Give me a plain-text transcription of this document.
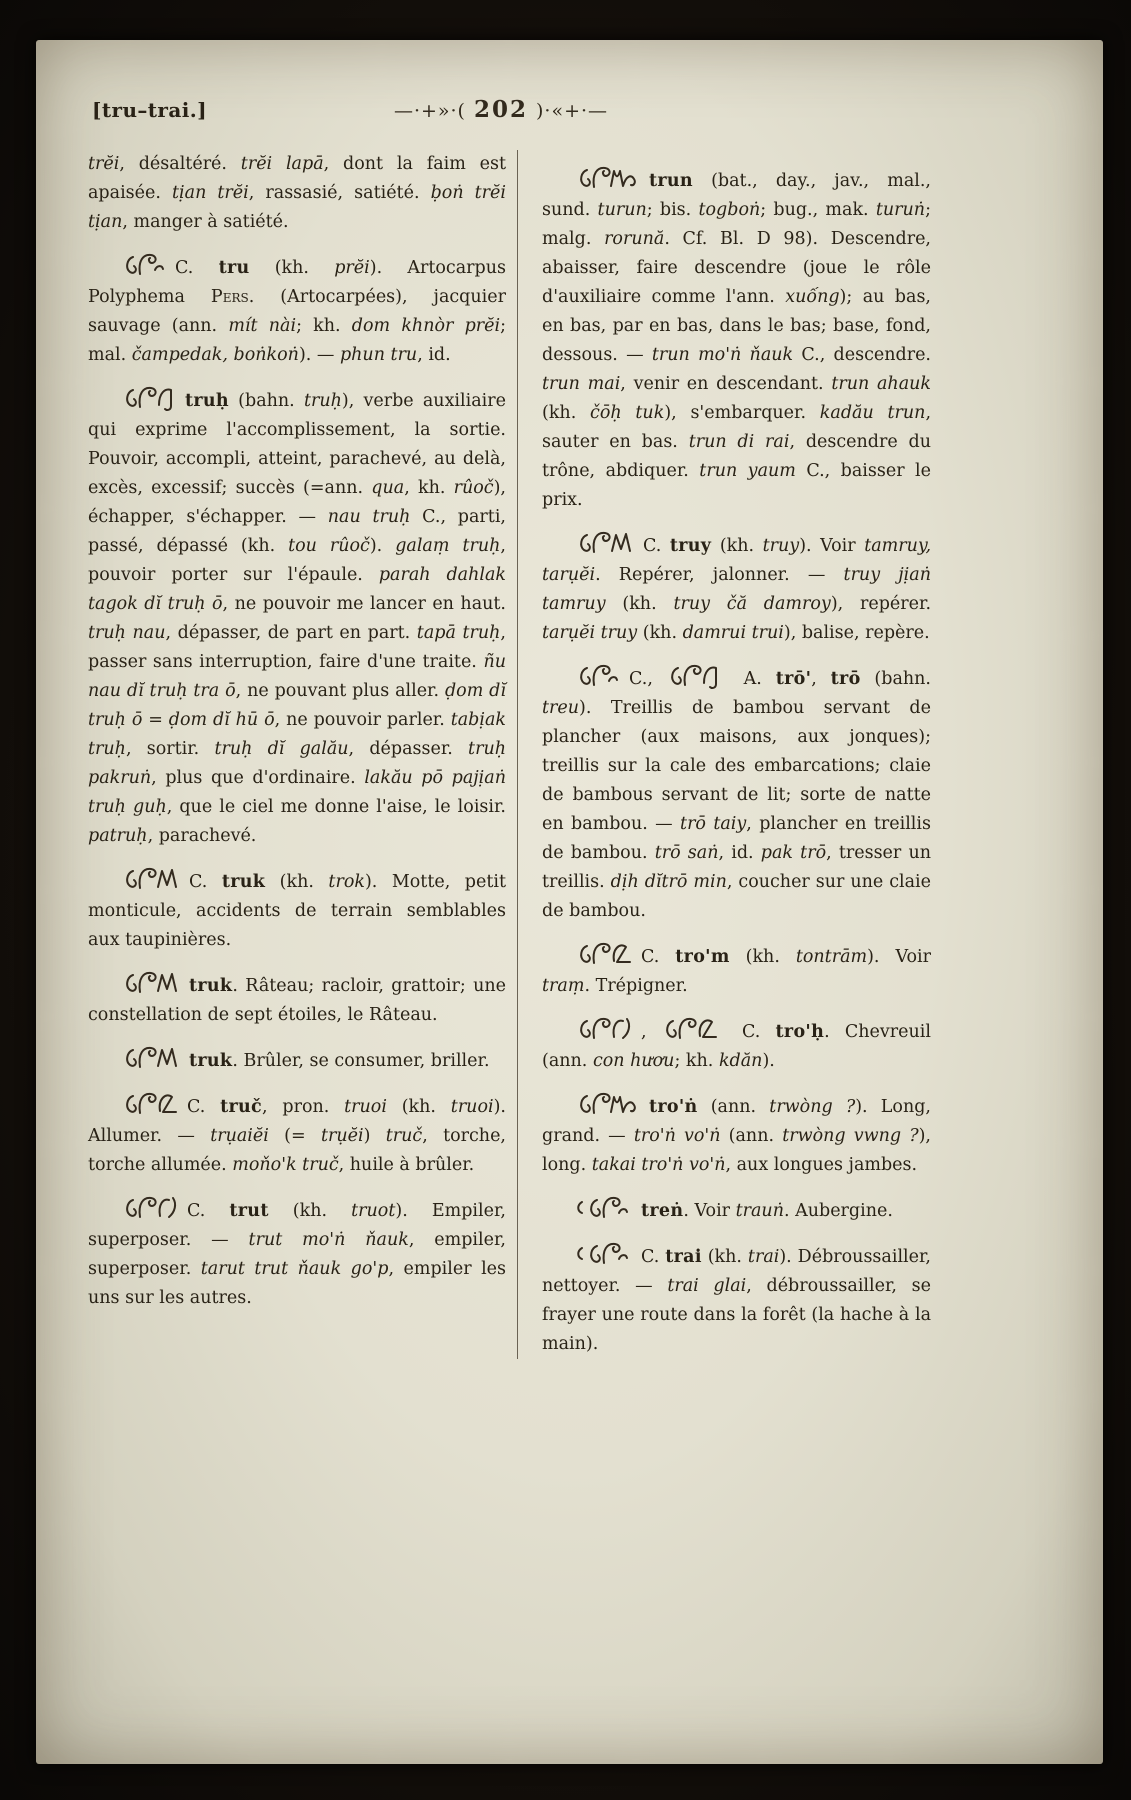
—·+»·( 202 )·«+·—
[tru–trai.]

trĕi, désaltéré. trĕi lapā, dont la faim est apaisée. tịan trĕi, rassasié, satiété. ḅoṅ trĕi tịan, manger à satiété.

C. tru (kh. prĕi). Artocarpus Polyphema Pers. (Artocarpées), jacquier sauvage (ann. mít nài; kh. dom khnòr prĕi; mal. čampedak, boṅkoṅ). — phun tru, id.

truḥ (bahn. truḥ), verbe auxiliaire qui exprime l'accomplissement, la sortie. Pouvoir, accompli, atteint, parachevé, au delà, excès, excessif; succès (=ann. qua, kh. rûoč), échapper, s'échapper. — nau truḥ C., parti, passé, dépassé (kh. tou rûoč). galaṃ truḥ, pouvoir porter sur l'épaule. parah dahlak tagok dĭ truḥ ō, ne pouvoir me lancer en haut. truḥ nau, dépasser, de part en part. tapā truḥ, passer sans interruption, faire d'une traite. ñu nau dĭ truḥ tra ō, ne pouvant plus aller. ḍom dĭ truḥ ō = ḍom dĭ hū ō, ne pouvoir parler. tabịak truḥ, sortir. truḥ dĭ galău, dépasser. truḥ pakruṅ, plus que d'ordinaire. lakău pō pajịaṅ truḥ guḥ, que le ciel me donne l'aise, le loisir. patruḥ, parachevé.

C. truk (kh. trok). Motte, petit monticule, accidents de terrain semblables aux taupinières.

truk. Râteau; racloir, grattoir; une constellation de sept étoiles, le Râteau.

truk. Brûler, se consumer, briller.

C. truč, pron. truoi (kh. truoi). Allumer. — trụaiĕi (= trụĕi) truč, torche, torche allumée. moňo'k truč, huile à brûler.

C. trut (kh. truot). Empiler, superposer. — trut mo'ṅ ňauk, empiler, superposer. tarut trut ňauk go'p, empiler les uns sur les autres.

trun (bat., day., jav., mal., sund. turun; bis. togboṅ; bug., mak. turuṅ; malg. rorună. Cf. Bl. D 98). Descendre, abaisser, faire descendre (joue le rôle d'auxiliaire comme l'ann. xuống); au bas, en bas, par en bas, dans le bas; base, fond, dessous. — trun mo'ṅ ňauk C., descendre. trun mai, venir en descendant. trun ahauk (kh. čōḥ tuk), s'embarquer. kadău trun, sauter en bas. trun di rai, descendre du trône, abdiquer. trun yaum C., baisser le prix.

C. truy (kh. truy). Voir tamruy, tarụĕi. Repérer, jalonner. — truy jịaṅ tamruy (kh. truy čă damroy), repérer. tarụĕi truy (kh. damrui trui), balise, repère.

C.,	A. trō', trō (bahn. treu). Treillis de bambou servant de plancher (aux maisons, aux jonques); treillis sur la cale des embarcations; claie de bambous servant de lit; sorte de natte en bambou. — trō taiy, plancher en treillis de bambou. trō saṅ, id. pak trō, tresser un treillis. dịh dĭtrō min, coucher sur une claie de bambou.

C. tro'm (kh. tontrām). Voir traṃ. Trépigner.

,	C. tro'ḥ. Chevreuil (ann. con hươu; kh. kdăn).

tro'ṅ (ann. trwòng ?). Long, grand. — tro'ṅ vo'ṅ (ann. trwòng vwng ?), long. takai tro'ṅ vo'ṅ, aux longues jambes.

treṅ. Voir trauṅ. Aubergine.

C. trai (kh. trai). Débroussailler, nettoyer. — trai glai, débroussailler, se frayer une route dans la forêt (la hache à la main).
